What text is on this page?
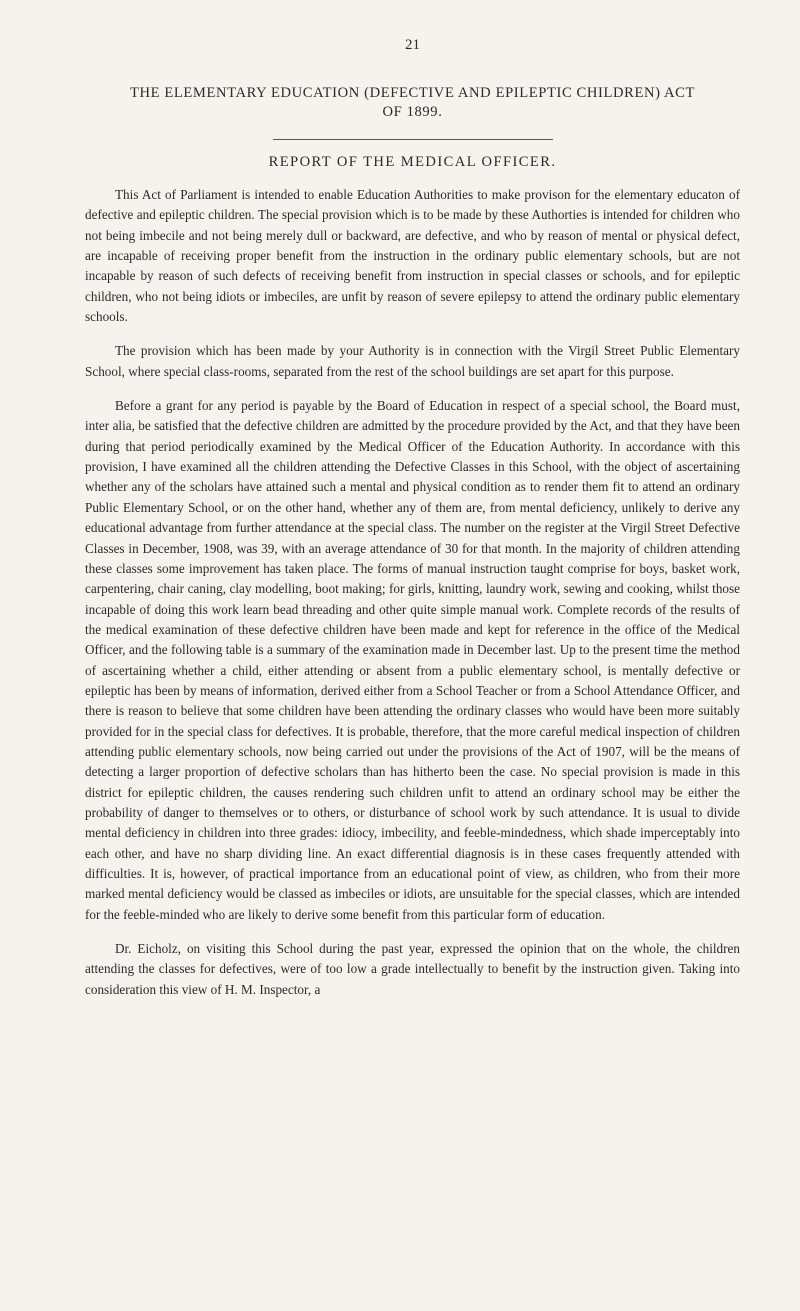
21
THE ELEMENTARY EDUCATION (DEFECTIVE AND EPILEPTIC CHILDREN) ACT
OF 1899.
REPORT OF THE MEDICAL OFFICER.

This Act of Parliament is intended to enable Education Authorities to make provison for the elementary educaton of defective and epileptic children. The special provision which is to be made by these Authorties is intended for children who not being imbecile and not being merely dull or backward, are defective, and who by reason of mental or physical defect, are incapable of receiving proper benefit from the instruction in the ordinary public elementary schools, but are not incapable by reason of such defects of receiving benefit from instruction in special classes or schools, and for epileptic children, who not being idiots or imbeciles, are unfit by reason of severe epilepsy to attend the ordinary public elementary schools.

The provision which has been made by your Authority is in connection with the Virgil Street Public Elementary School, where special class-rooms, separated from the rest of the school buildings are set apart for this purpose.

Before a grant for any period is payable by the Board of Education in respect of a special school, the Board must, inter alia, be satisfied that the defective children are admitted by the procedure provided by the Act, and that they have been during that period periodically examined by the Medical Officer of the Education Authority. In accordance with this provision, I have examined all the children attending the Defective Classes in this School, with the object of ascertaining whether any of the scholars have attained such a mental and physical condition as to render them fit to attend an ordinary Public Elementary School, or on the other hand, whether any of them are, from mental deficiency, unlikely to derive any educational advantage from further attendance at the special class. The number on the register at the Virgil Street Defective Classes in December, 1908, was 39, with an average attendance of 30 for that month. In the majority of children attending these classes some improvement has taken place. The forms of manual instruction taught comprise for boys, basket work, carpentering, chair caning, clay modelling, boot making; for girls, knitting, laundry work, sewing and cooking, whilst those incapable of doing this work learn bead threading and other quite simple manual work. Complete records of the results of the medical examination of these defective children have been made and kept for reference in the office of the Medical Officer, and the following table is a summary of the examination made in December last. Up to the present time the method of ascertaining whether a child, either attending or absent from a public elementary school, is mentally defective or epileptic has been by means of information, derived either from a School Teacher or from a School Attendance Officer, and there is reason to believe that some children have been attending the ordinary classes who would have been more suitably provided for in the special class for defectives. It is probable, therefore, that the more careful medical inspection of children attending public elementary schools, now being carried out under the provisions of the Act of 1907, will be the means of detecting a larger proportion of defective scholars than has hitherto been the case. No special provision is made in this district for epileptic children, the causes rendering such children unfit to attend an ordinary school may be either the probability of danger to themselves or to others, or disturbance of school work by such attendance. It is usual to divide mental deficiency in children into three grades: idiocy, imbecility, and feeble-mindedness, which shade imperceptably into each other, and have no sharp dividing line. An exact differential diagnosis is in these cases frequently attended with difficulties. It is, however, of practical importance from an educational point of view, as children, who from their more marked mental deficiency would be classed as imbeciles or idiots, are unsuitable for the special classes, which are intended for the feeble-minded who are likely to derive some benefit from this particular form of education.

Dr. Eicholz, on visiting this School during the past year, expressed the opinion that on the whole, the children attending the classes for defectives, were of too low a grade intellectually to benefit by the instruction given. Taking into consideration this view of H. M. Inspector, a
